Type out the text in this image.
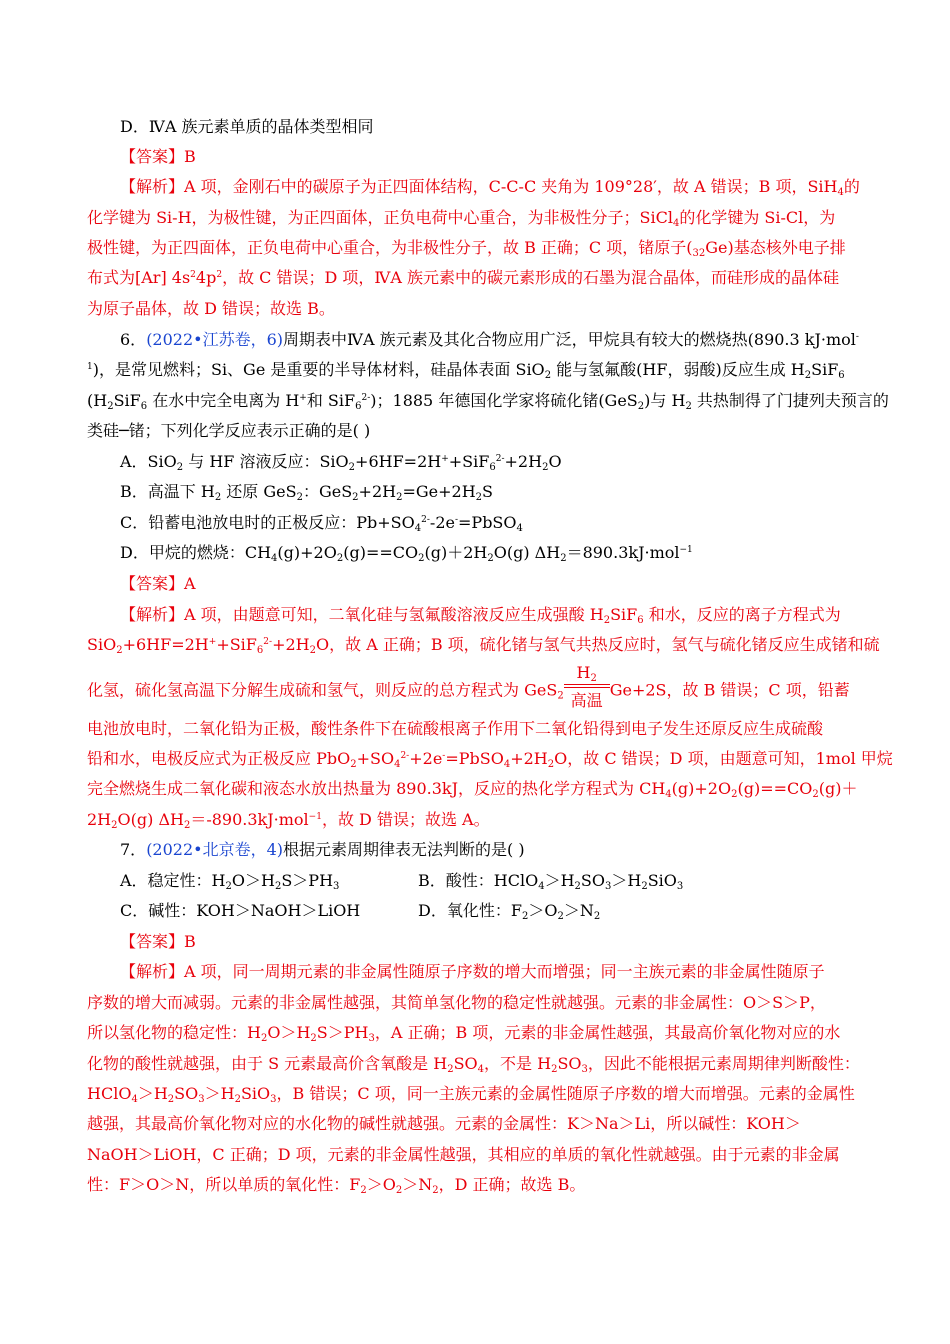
D．ⅣA 族元素单质的晶体类型相同
【答案】B
【解析】A 项，金刚石中的碳原子为正四面体结构，C-C-C 夹角为 109°28′，故 A 错误；B 项，SiH$_4$的
化学键为 Si-H，为极性键，为正四面体，正负电荷中心重合，为非极性分子；SiCl$_4$的化学键为 Si-Cl，为
极性键，为正四面体，正负电荷中心重合，为非极性分子，故 B 正确；C 项，锗原子$(_{32}Ge)$基态核外电子排
布式为[Ar] $4s^24p^2$，故 C 错误；D 项，ⅣA 族元素中的碳元素形成的石墨为混合晶体，而硅形成的晶体硅
为原子晶体，故 D 错误；故选 B。
6．(2022•江苏卷，6)周期表中ⅣA 族元素及其化合物应用广泛，甲烷具有较大的燃烧热(890.3 kJ·mol-
$^1$)，是常见燃料；Si、Ge 是重要的半导体材料，硅晶体表面 SiO$_2$ 能与氢氟酸(HF，弱酸)反应生成 $H_2SiF_6$
($H_2SiF_6$ 在水中完全电离为 H+和 SiF$_6^{2-}$)；1885 年德国化学家将硫化锗(GeS$_2$)与 $H_2$ 共热制得了门捷列夫预言的
类硅─锗；下列化学反应表示正确的是( )
A．SiO$_2$ 与 HF 溶液反应：$SiO_2+6HF=2H^++SiF_6^{2-}+2H_2O$
B．高温下 $H_2$ 还原 GeS$_2$：$GeS_2+2H_2=Ge+2H_2S$
C．铅蓄电池放电时的正极反应：$Pb+SO_4^{2-}-2e^-=PbSO_4$
D．甲烷的燃烧：$CH_4(g)+2O_2(g)==CO_2(g)+2H_2O(g)$ $\Delta H_2=890.3kJ\cdot mol^{-1}$
【答案】A
【解析】A 项，由题意可知，二氧化硅与氢氟酸溶液反应生成强酸 $H_2SiF_6$ 和水，反应的离子方程式为
$SiO_2+6HF=2H^++SiF_6^{2-}+2H_2O$，故 A 正确；B 项，硫化锗与氢气共热反应时，氢气与硫化锗反应生成锗和硫
化氢，硫化氢高温下分解生成硫和氢气，则反应的总方程式为 $GeS_2 \frac{H_2}{\text{高温}} Ge+2S$，故 B 错误；C 项，铅蓄
电池放电时，二氧化铅为正极，酸性条件下在硫酸根离子作用下二氧化铅得到电子发生还原反应生成硫酸
铅和水，电极反应式为正极反应 $PbO_2+SO_4^{2-}+2e^-=PbSO_4+2H_2O$，故 C 错误；D 项，由题意可知，1mol 甲烷
完全燃烧生成二氧化碳和液态水放出热量为 890.3kJ，反应的热化学方程式为 $CH_4(g)+2O_2(g)==CO_2(g)+$
$2H_2O(g)$ $\Delta H_2=-890.3kJ\cdot mol^{-1}$，故 D 错误；故选 A。
7．(2022•北京卷，4)根据元素周期律表无法判断的是( )
A．稳定性：$H_2O>H_2S>PH_3$	B．酸性：$HClO_4>H_2SO_3>H_2SiO_3$
C．碱性：KOH＞NaOH＞LiOH	D．氧化性：$F_2>O_2>N_2$
【答案】B
【解析】A 项，同一周期元素的非金属性随原子序数的增大而增强；同一主族元素的非金属性随原子
序数的增大而减弱。元素的非金属性越强，其简单氢化物的稳定性就越强。元素的非金属性：O＞S＞P，
所以氢化物的稳定性：$H_2O>H_2S>PH_3$，A 正确；B 项，元素的非金属性越强，其最高价氧化物对应的水
化物的酸性就越强，由于 S 元素最高价含氧酸是 $H_2SO_4$，不是 $H_2SO_3$，因此不能根据元素周期律判断酸性：
$HClO_4>H_2SO_3>H_2SiO_3$，B 错误；C 项，同一主族元素的金属性随原子序数的增大而增强。元素的金属性
越强，其最高价氧化物对应的水化物的碱性就越强。元素的金属性：K＞Na＞Li，所以碱性：KOH＞
NaOH＞LiOH，C 正确；D 项，元素的非金属性越强，其相应的单质的氧化性就越强。由于元素的非金属
性：F＞O＞N，所以单质的氧化性：$F_2>O_2>N_2$，D 正确；故选 B。
